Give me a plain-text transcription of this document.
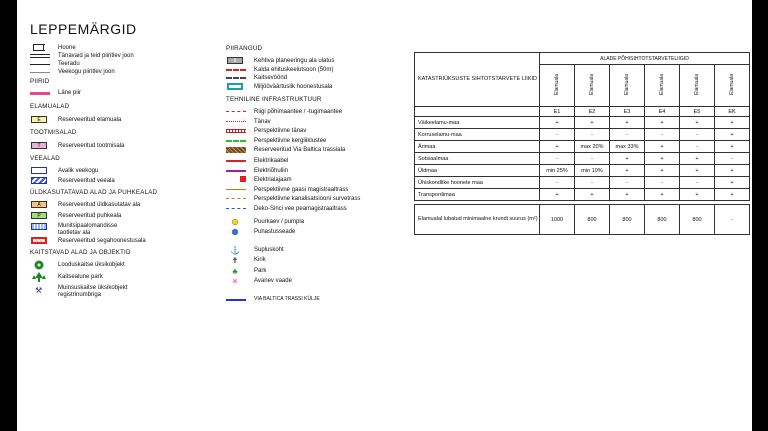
LEPPEMÄRGID
Hoone
Tänavaid ja teid piiritlev joon
Teeradu
Veekogu piiritlev joon
PIIRID
Läne piir
ELAMUALAD
E	Reserveeritud elamuala
TOOTMISALAD
T	Reserveeritud tootmisala
VEEALAD
Avalik veekogu
Reserveeritud veeala
ÜLDKASUTATAVAD ALAD JA PUHKEALAD
A	Reserveeritud üldkasutatav ala
P	Reserveeritud puhkeala
Munitsipaalomandisse
taotletav ala
Reserveeritud segahoonestusala
KAITSTAVAD ALAD JA OBJEKTID
Looduskaitse üksikobjekt
Kaitsealune park
⚒	Muinsuskaitse üksikobjekt
registrinumbriga
PIIRANGUD
6	Kehtiva planeeringu ala ulatus
Kalda ehituskeelutsoon (50m)
Kaitsevöönd
Miljööväärtuslik hoonestusala
TEHNILINE INFRASTRUKTUUR
› Riigi põhimaantee / -tugimaantee
› Tänav
Perspektiivne tänav
Perspektiivne kergliiklustee
Reserveeritud Via Baltica trassiala
Elektrikaabel
Elektriõhuliin
Elektrialajaam
Perspektiivne gaasi magistraaltrass
Perspektiivne kanalisatsiooni survetrass
Deko-Sinci vee peamagistraaltrass
Puurkaev / pumpla
Puhastusseade
⚓ Supluskoht
✝	Kirik
♣	Park
✳	Avanev vaade
VIA BALTICA TRASSI KÜLJE
KATASTRIÜKSUSTE SIHTOTSTARVETE LIIKID	ALADE PÕHISIHTOTSTARVETELIIGID					
	Elamuala	Elamuala	Elamuala	Elamuala	Elamuala	Elamuala
	E1	E2	E3	E4	E5	EK
Väikeelamu-maa	+	+	+	+	+	+
Korruselamu-maa	-	-	-	-	-	+
Ärimaa	+	max 20%	max 33%	+	-	+
Sotsiaalmaa	-	-	+	+	+	-
Üldmaa	min 25%	min 10%	+	+	+	+
Ühiskondlike hoonete maa	-	-	-	-	-	+
Transpordimaa	+	+	+	+	+	+

Elamualal lubatud minimaalne krundi suurus (m²)	1000	800	800	800	800	-
